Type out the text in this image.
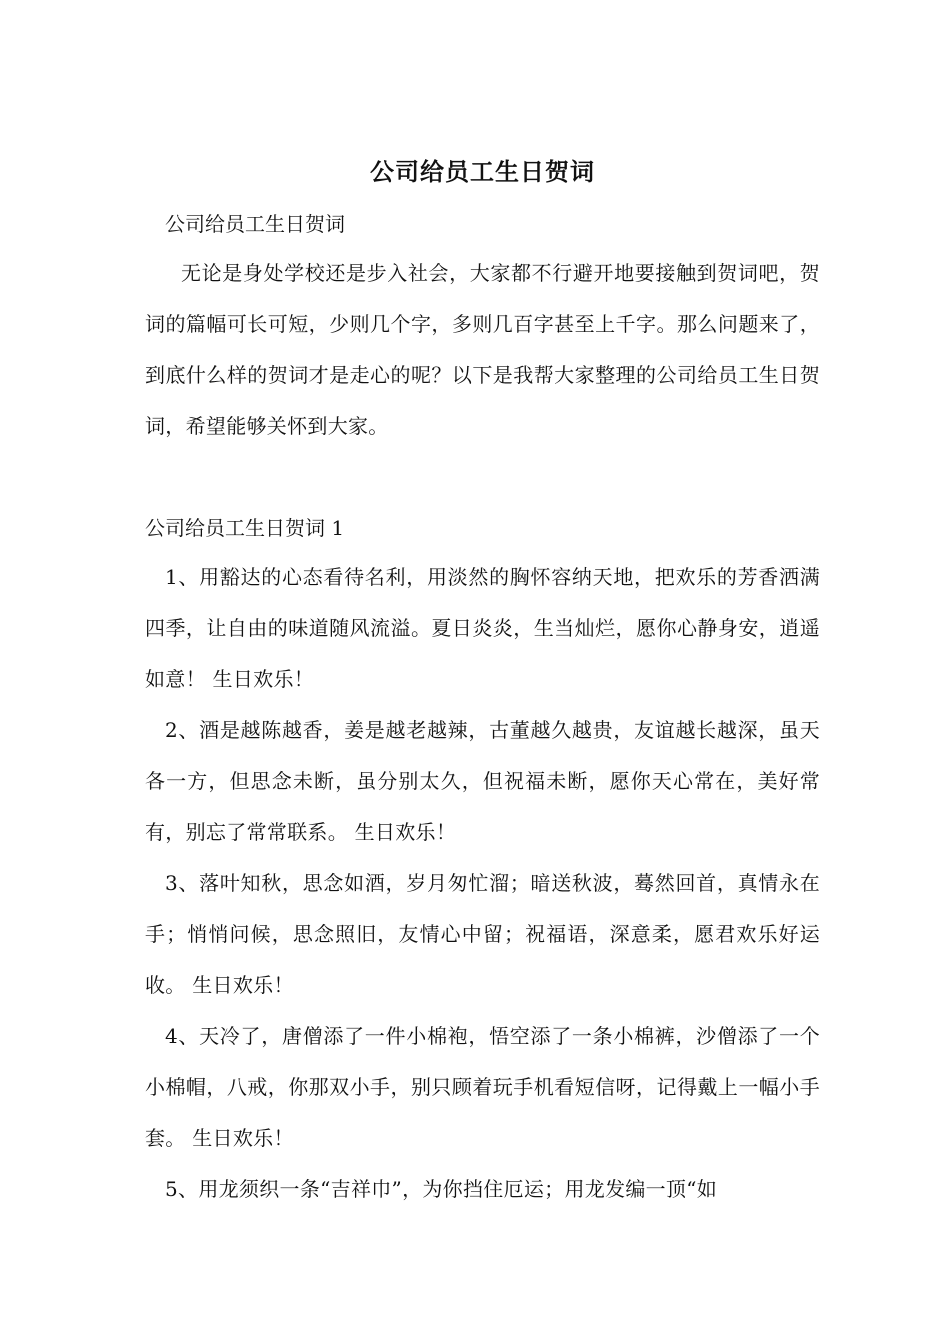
公司给员工生日贺词

公司给员工生日贺词

无论是身处学校还是步入社会，大家都不行避开地要接触到贺词吧，贺词的篇幅可长可短，少则几个字，多则几百字甚至上千字。那么问题来了，到底什么样的贺词才是走心的呢？以下是我帮大家整理的公司给员工生日贺词，希望能够关怀到大家。

公司给员工生日贺词 1

1、用豁达的心态看待名利，用淡然的胸怀容纳天地，把欢乐的芳香洒满四季，让自由的味道随风流溢。夏日炎炎，生当灿烂，愿你心静身安，逍遥如意！ 生日欢乐！

2、酒是越陈越香，姜是越老越辣，古董越久越贵，友谊越长越深，虽天各一方，但思念未断，虽分别太久，但祝福未断，愿你天心常在，美好常有，别忘了常常联系。 生日欢乐！

3、落叶知秋，思念如酒，岁月匆忙溜；暗送秋波，蓦然回首，真情永在手；悄悄问候，思念照旧，友情心中留；祝福语，深意柔，愿君欢乐好运收。 生日欢乐！

4、天冷了，唐僧添了一件小棉袍，悟空添了一条小棉裤，沙僧添了一个小棉帽，八戒，你那双小手，别只顾着玩手机看短信呀，记得戴上一幅小手套。 生日欢乐！

5、用龙须织一条“吉祥巾”，为你挡住厄运；用龙发编一顶“如
